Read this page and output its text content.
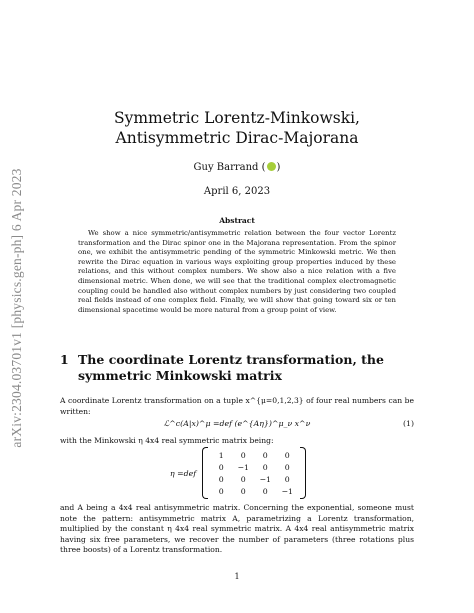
arXiv:2304.03701v1 [physics.gen-ph] 6 Apr 2023
Symmetric Lorentz-Minkowski,
Antisymmetric Dirac-Majorana
Guy Barrand ( )
April 6, 2023
Abstract
We show a nice symmetric/antisymmetric relation between the four vector Lorentz transformation and the Dirac spinor one in the Majorana representation. From the spinor one, we exhibit the antisymmetric pending of the symmetric Minkowski metric. We then rewrite the Dirac equation in various ways exploiting group properties induced by these relations, and this without complex numbers. We show also a nice relation with a five dimensional metric. When done, we will see that the traditional complex electromagnetic coupling could be handled also without complex numbers by just considering two coupled real fields instead of one complex field. Finally, we will show that going toward six or ten dimensional spacetime would be more natural from a group point of view.
1 The coordinate Lorentz transformation, the symmetric Minkowski matrix
A coordinate Lorentz transformation on a tuple x^{μ=0,1,2,3} of four real numbers can be written:
ℒ^c(A|x)^μ =def (e^{Aη})^μ_ν x^ν	(1)
with the Minkowski η 4x4 real symmetric matrix being:
η =def
1	0	0	0
0	−1	0	0
0	0	−1	0
0	0	0	−1
and A being a 4x4 real antisymmetric matrix. Concerning the exponential, someone must note the pattern: antisymmetric matrix A, parametrizing a Lorentz transformation, multiplied by the constant η 4x4 real symmetric matrix. A 4x4 real antisymmetric matrix having six free parameters, we recover the number of parameters (three rotations plus three boosts) of a Lorentz transformation.
1
